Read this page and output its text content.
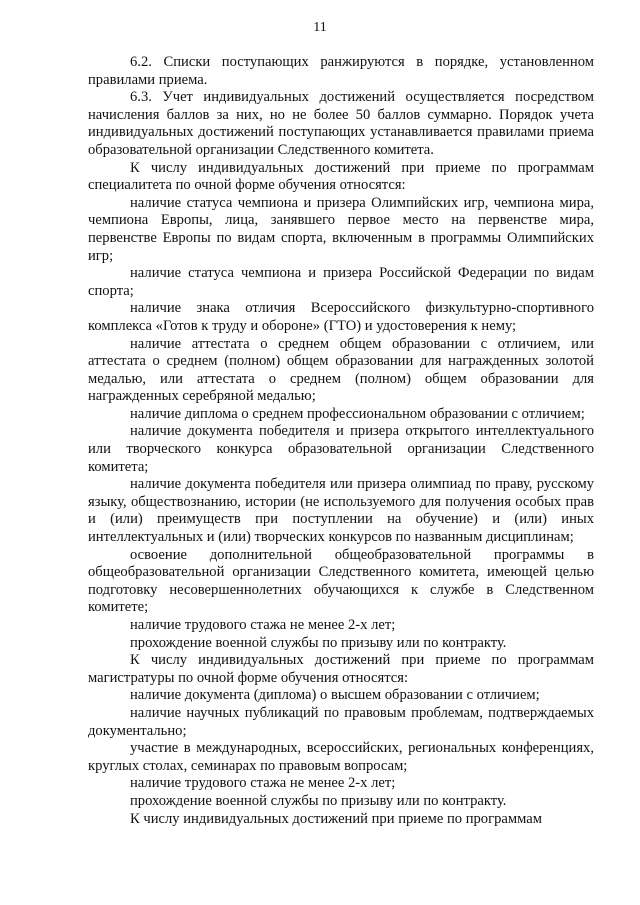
11

6.2. Списки поступающих ранжируются в порядке, установленном правилами приема.

6.3. Учет индивидуальных достижений осуществляется посредством начисления баллов за них, но не более 50 баллов суммарно. Порядок учета индивидуальных достижений поступающих устанавливается правилами приема образовательной организации Следственного комитета.

К числу индивидуальных достижений при приеме по программам специалитета по очной форме обучения относятся:

наличие статуса чемпиона и призера Олимпийских игр, чемпиона мира, чемпиона Европы, лица, занявшего первое место на первенстве мира, первенстве Европы по видам спорта, включенным в программы Олимпийских игр;

наличие статуса чемпиона и призера Российской Федерации по видам спорта;

наличие знака отличия Всероссийского физкультурно-спортивного комплекса «Готов к труду и обороне» (ГТО) и удостоверения к нему;

наличие аттестата о среднем общем образовании с отличием, или аттестата о среднем (полном) общем образовании для награжденных золотой медалью, или аттестата о среднем (полном) общем образовании для награжденных серебряной медалью;

наличие диплома о среднем профессиональном образовании с отличием;

наличие документа победителя и призера открытого интеллектуального или творческого конкурса образовательной организации Следственного комитета;

наличие документа победителя или призера олимпиад по праву, русскому языку, обществознанию, истории (не используемого для получения особых прав и (или) преимуществ при поступлении на обучение) и (или) иных интеллектуальных и (или) творческих конкурсов по названным дисциплинам;

освоение дополнительной общеобразовательной программы в общеобразовательной организации Следственного комитета, имеющей целью подготовку несовершеннолетних обучающихся к службе в Следственном комитете;

наличие трудового стажа не менее 2-х лет;

прохождение военной службы по призыву или по контракту.

К числу индивидуальных достижений при приеме по программам магистратуры по очной форме обучения относятся:

наличие документа (диплома) о высшем образовании с отличием;

наличие научных публикаций по правовым проблемам, подтверждаемых документально;

участие в международных, всероссийских, региональных конференциях, круглых столах, семинарах по правовым вопросам;

наличие трудового стажа не менее 2-х лет;

прохождение военной службы по призыву или по контракту.

К числу индивидуальных достижений при приеме по программам
